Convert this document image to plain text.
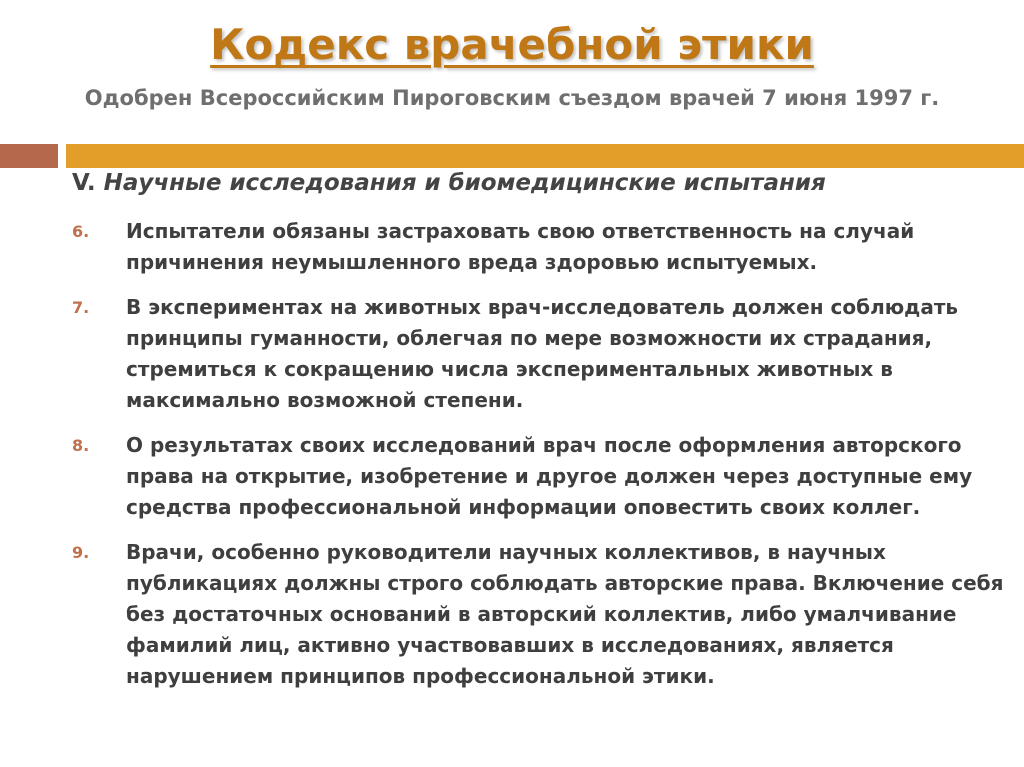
Кодекс врачебной этики
Одобрен Всероссийским Пироговским съездом врачей 7 июня 1997 г.
V. Научные исследования и биомедицинские испытания
6.	Испытатели обязаны застраховать свою ответственность на случай причинения неумышленного вреда здоровью испытуемых.
7.	В экспериментах на животных врач-исследователь должен соблюдать принципы гуманности, облегчая по мере возможности их страдания, стремиться к сокращению числа экспериментальных животных в максимально возможной степени.
8.	О результатах своих исследований врач после оформления авторского права на открытие, изобретение и другое должен через доступные ему средства профессиональной информации оповестить своих коллег.
9.	Врачи, особенно руководители научных коллективов, в научных публикациях должны строго соблюдать авторские права. Включение себя без достаточных оснований в авторский коллектив, либо умалчивание фамилий лиц, активно участвовавших в исследованиях, является нарушением принципов профессиональной этики.
